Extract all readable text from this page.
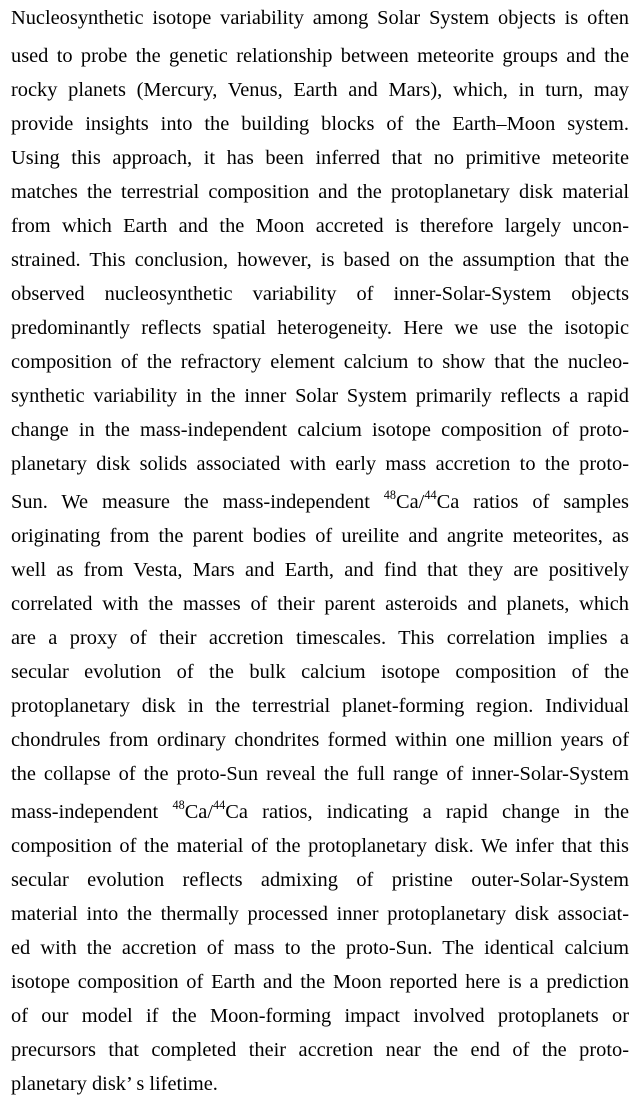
Nucleosynthetic isotope variability among Solar System objects is often
used to probe the genetic relationship between meteorite groups and the
rocky planets (Mercury, Venus, Earth and Mars), which, in turn, may
provide insights into the building blocks of the Earth–Moon system.
Using this approach, it has been inferred that no primitive meteorite
matches the terrestrial composition and the protoplanetary disk material
from which Earth and the Moon accreted is therefore largely uncon-
strained. This conclusion, however, is based on the assumption that the
observed nucleosynthetic variability of inner-Solar-System objects
predominantly reflects spatial heterogeneity. Here we use the isotopic
composition of the refractory element calcium to show that the nucleo-
synthetic variability in the inner Solar System primarily reflects a rapid
change in the mass-independent calcium isotope composition of proto-
planetary disk solids associated with early mass accretion to the proto-
Sun. We measure the mass-independent $^{48}$Ca/$^{44}$Ca ratios of samples
originating from the parent bodies of ureilite and angrite meteorites, as
well as from Vesta, Mars and Earth, and find that they are positively
correlated with the masses of their parent asteroids and planets, which
are a proxy of their accretion timescales. This correlation implies a
secular evolution of the bulk calcium isotope composition of the
protoplanetary disk in the terrestrial planet-forming region. Individual
chondrules from ordinary chondrites formed within one million years of
the collapse of the proto-Sun reveal the full range of inner-Solar-System
mass-independent $^{48}$Ca/$^{44}$Ca ratios, indicating a rapid change in the
composition of the material of the protoplanetary disk. We infer that this
secular evolution reflects admixing of pristine outer-Solar-System
material into the thermally processed inner protoplanetary disk associat-
ed with the accretion of mass to the proto-Sun. The identical calcium
isotope composition of Earth and the Moon reported here is a prediction
of our model if the Moon-forming impact involved protoplanets or
precursors that completed their accretion near the end of the proto-
planetary disk’ s lifetime.
